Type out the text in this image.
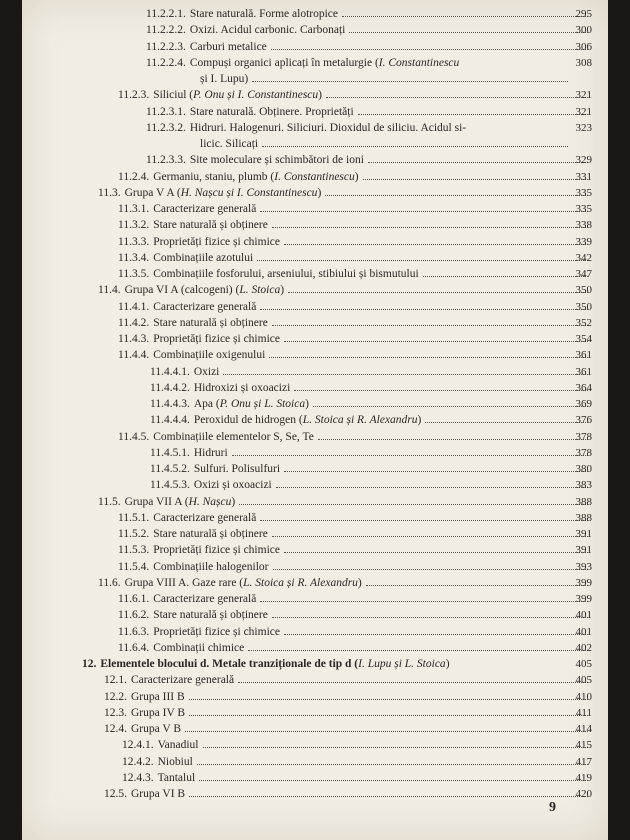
11.2.2.1. Stare naturală. Forme alotropice	295
11.2.2.2. Oxizi. Acidul carbonic. Carbonați	300
11.2.2.3. Carburi metalice	306
11.2.2.4. Compuși organici aplicați în metalurgie ( I. Constantinescu	308
și I. Lupu)
11.2.3. Siliciul ( P. Onu și I. Constantinescu )	321
11.2.3.1. Stare naturală. Obținere. Proprietăți	321
11.2.3.2. Hidruri. Halogenuri. Siliciuri. Dioxidul de siliciu. Acidul si-	323
licic. Silicați
11.2.3.3. Site moleculare și schimbători de ioni	329
11.2.4. Germaniu, staniu, plumb ( I. Constantinescu )	331
11.3. Grupa V A ( H. Nașcu și I. Constantinescu )	335
11.3.1. Caracterizare generală	335
11.3.2. Stare naturală și obținere	338
11.3.3. Proprietăți fizice și chimice	339
11.3.4. Combinațiile azotului	342
11.3.5. Combinațiile fosforului, arseniului, stibiului și bismutului	347
11.4. Grupa VI A (calcogeni) ( L. Stoica )	350
11.4.1. Caracterizare generală	350
11.4.2. Stare naturală și obținere	352
11.4.3. Proprietăți fizice și chimice	354
11.4.4. Combinațiile oxigenului	361
11.4.4.1. Oxizi	361
11.4.4.2. Hidroxizi și oxoacizi	364
11.4.4.3. Apa ( P. Onu și L. Stoica )	369
11.4.4.4. Peroxidul de hidrogen ( L. Stoica și R. Alexandru )	376
11.4.5. Combinațiile elementelor S, Se, Te	378
11.4.5.1. Hidruri	378
11.4.5.2. Sulfuri. Polisulfuri	380
11.4.5.3. Oxizi și oxoacizi	383
11.5. Grupa VII A ( H. Nașcu )	388
11.5.1. Caracterizare generală	388
11.5.2. Stare naturală și obținere	391
11.5.3. Proprietăți fizice și chimice	391
11.5.4. Combinațiile halogenilor	393
11.6. Grupa VIII A. Gaze rare ( L. Stoica și R. Alexandru )	399
11.6.1. Caracterizare generală	399
11.6.2. Stare naturală și obținere	401
11.6.3. Proprietăți fizice și chimice	401
11.6.4. Combinații chimice	402
12. Elementele blocului d. Metale tranziționale de tip d ( I. Lupu și L. Stoica )	405
12.1. Caracterizare generală	405
12.2. Grupa III B	410
12.3. Grupa IV B	411
12.4. Grupa V B	414
12.4.1. Vanadiul	415
12.4.2. Niobiul	417
12.4.3. Tantalul	419
12.5. Grupa VI B	420
9
